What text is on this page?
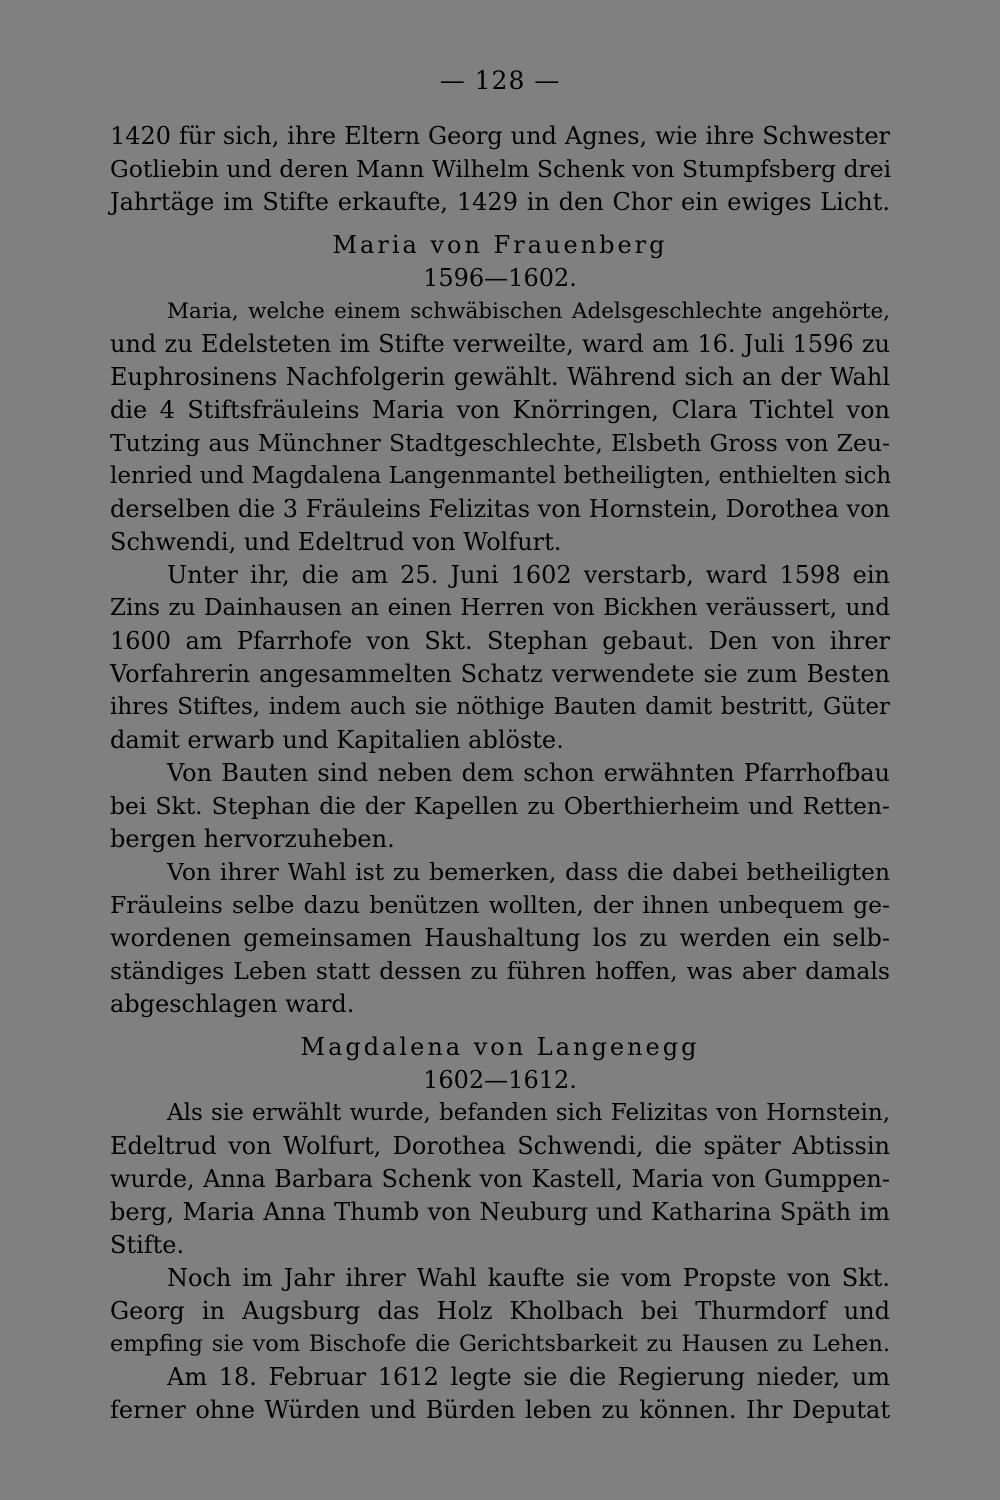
— 128 —
1420 für sich, ihre Eltern Georg und Agnes, wie ihre Schwester
Gotliebin und deren Mann Wilhelm Schenk von Stumpfsberg drei
Jahrtäge im Stifte erkaufte, 1429 in den Chor ein ewiges Licht.
Maria von Frauenberg
1596—1602.
Maria, welche einem schwäbischen Adelsgeschlechte angehörte,
und zu Edelsteten im Stifte verweilte, ward am 16. Juli 1596 zu
Euphrosinens Nachfolgerin gewählt. Während sich an der Wahl
die 4 Stiftsfräuleins Maria von Knörringen, Clara Tichtel von
Tutzing aus Münchner Stadtgeschlechte, Elsbeth Gross von Zeu-
lenried und Magdalena Langenmantel betheiligten, enthielten sich
derselben die 3 Fräuleins Felizitas von Hornstein, Dorothea von
Schwendi, und Edeltrud von Wolfurt.
Unter ihr, die am 25. Juni 1602 verstarb, ward 1598 ein
Zins zu Dainhausen an einen Herren von Bickhen veräussert, und
1600 am Pfarrhofe von Skt. Stephan gebaut. Den von ihrer
Vorfahrerin angesammelten Schatz verwendete sie zum Besten
ihres Stiftes, indem auch sie nöthige Bauten damit bestritt, Güter
damit erwarb und Kapitalien ablöste.
Von Bauten sind neben dem schon erwähnten Pfarrhofbau
bei Skt. Stephan die der Kapellen zu Oberthierheim und Retten-
bergen hervorzuheben.
Von ihrer Wahl ist zu bemerken, dass die dabei betheiligten
Fräuleins selbe dazu benützen wollten, der ihnen unbequem ge-
wordenen gemeinsamen Haushaltung los zu werden ein selb-
ständiges Leben statt dessen zu führen hoffen, was aber damals
abgeschlagen ward.
Magdalena von Langenegg
1602—1612.
Als sie erwählt wurde, befanden sich Felizitas von Hornstein,
Edeltrud von Wolfurt, Dorothea Schwendi, die später Abtissin
wurde, Anna Barbara Schenk von Kastell, Maria von Gumppen-
berg, Maria Anna Thumb von Neuburg und Katharina Späth im
Stifte.
Noch im Jahr ihrer Wahl kaufte sie vom Propste von Skt.
Georg in Augsburg das Holz Kholbach bei Thurmdorf und
empfing sie vom Bischofe die Gerichtsbarkeit zu Hausen zu Lehen.
Am 18. Februar 1612 legte sie die Regierung nieder, um
ferner ohne Würden und Bürden leben zu können. Ihr Deputat
